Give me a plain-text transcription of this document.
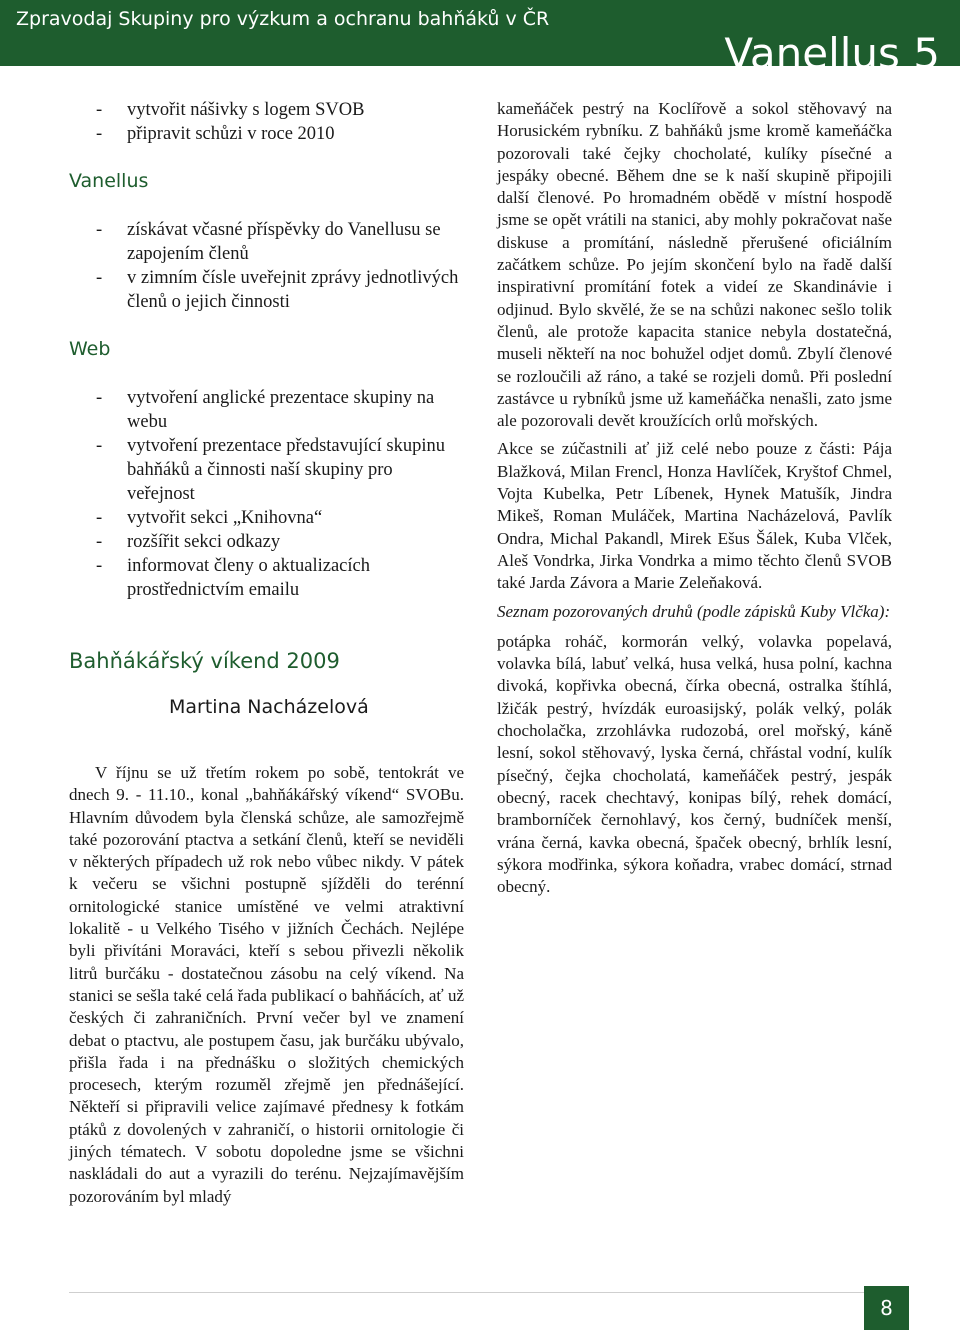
Zpravodaj Skupiny pro výzkum a ochranu bahňáků v ČR
Vanellus 5
- vytvořit nášivky s logem SVOB
- připravit schůzi v roce 2010
Vanellus
- získávat včasné příspěvky do Vanellusu se zapojením členů
- v zimním čísle uveřejnit zprávy jednotlivých členů o jejich činnosti
Web
- vytvoření anglické prezentace skupiny na webu
- vytvoření prezentace představující skupinu bahňáků a činnosti naší skupiny pro veřejnost
- vytvořit sekci „Knihovna“
- rozšířit sekci odkazy
- informovat členy o aktualizacích prostřednictvím emailu
Bahňákářský víkend 2009
Martina Nacházelová

V říjnu se už třetím rokem po sobě, tentokrát ve dnech 9. - 11.10., konal „bahňákářský víkend“ SVOBu. Hlavním důvodem byla členská schůze, ale samozřejmě také pozorování ptactva a setkání členů, kteří se neviděli v některých případech už rok nebo vůbec nikdy. V pátek k večeru se všichni postupně sjížděli do terénní ornitologické stanice umístěné ve velmi atraktivní lokalitě - u Velkého Tisého v jižních Čechách. Nejlépe byli přivítáni Moraváci, kteří s sebou přivezli několik litrů burčáku - dostatečnou zásobu na celý víkend. Na stanici se sešla také celá řada publikací o bahňácích, ať už českých či zahraničních. První večer byl ve znamení debat o ptactvu, ale postupem času, jak burčáku ubývalo, přišla řada i na přednášku o složitých chemických procesech, kterým rozuměl zřejmě jen přednášející. Někteří si připravili velice zajímavé přednesy k fotkám ptáků z dovolených v zahraničí, o historii ornitologie či jiných tématech. V sobotu dopoledne jsme se všichni naskládali do aut a vyrazili do terénu. Nejzajímavějším pozorováním byl mladý

kameňáček pestrý na Koclířově a sokol stěhovavý na Horusickém rybníku. Z bahňáků jsme kromě kameňáčka pozorovali také čejky chocholaté, kulíky písečné a jespáky obecné. Během dne se k naší skupině připojili další členové. Po hromadném obědě v místní hospodě jsme se opět vrátili na stanici, aby mohly pokračovat naše diskuse a promítání, následně přerušené oficiálním začátkem schůze. Po jejím skončení bylo na řadě další inspirativní promítání fotek a videí ze Skandinávie i odjinud. Bylo skvělé, že se na schůzi nakonec sešlo tolik členů, ale protože kapacita stanice nebyla dostatečná, museli někteří na noc bohužel odjet domů. Zbylí členové se rozloučili až ráno, a také se rozjeli domů. Při poslední zastávce u rybníků jsme už kameňáčka nenašli, zato jsme ale pozorovali devět kroužících orlů mořských.

Akce se zúčastnili ať již celé nebo pouze z části: Pája Blažková, Milan Frencl, Honza Havlíček, Kryštof Chmel, Vojta Kubelka, Petr Líbenek, Hynek Matušík, Jindra Mikeš, Roman Muláček, Martina Nacházelová, Pavlík Ondra, Michal Pakandl, Mirek Ešus Šálek, Kuba Vlček, Aleš Vondrka, Jirka Vondrka a mimo těchto členů SVOB také Jarda Závora a Marie Zeleňaková.

Seznam pozorovaných druhů (podle zápisků Kuby Vlčka):

potápka roháč, kormorán velký, volavka popelavá, volavka bílá, labuť velká, husa velká, husa polní, kachna divoká, kopřivka obecná, čírka obecná, ostralka štíhlá, lžičák pestrý, hvízdák euroasijský, polák velký, polák chocholačka, zrzohlávka rudozobá, orel mořský, káně lesní, sokol stěhovavý, lyska černá, chřástal vodní, kulík písečný, čejka chocholatá, kameňáček pestrý, jespák obecný, racek chechtavý, konipas bílý, rehek domácí, bramborníček černohlavý, kos černý, budníček menší, vrána černá, kavka obecná, špaček obecný, brhlík lesní, sýkora modřinka, sýkora koňadra, vrabec domácí, strnad obecný.

8
